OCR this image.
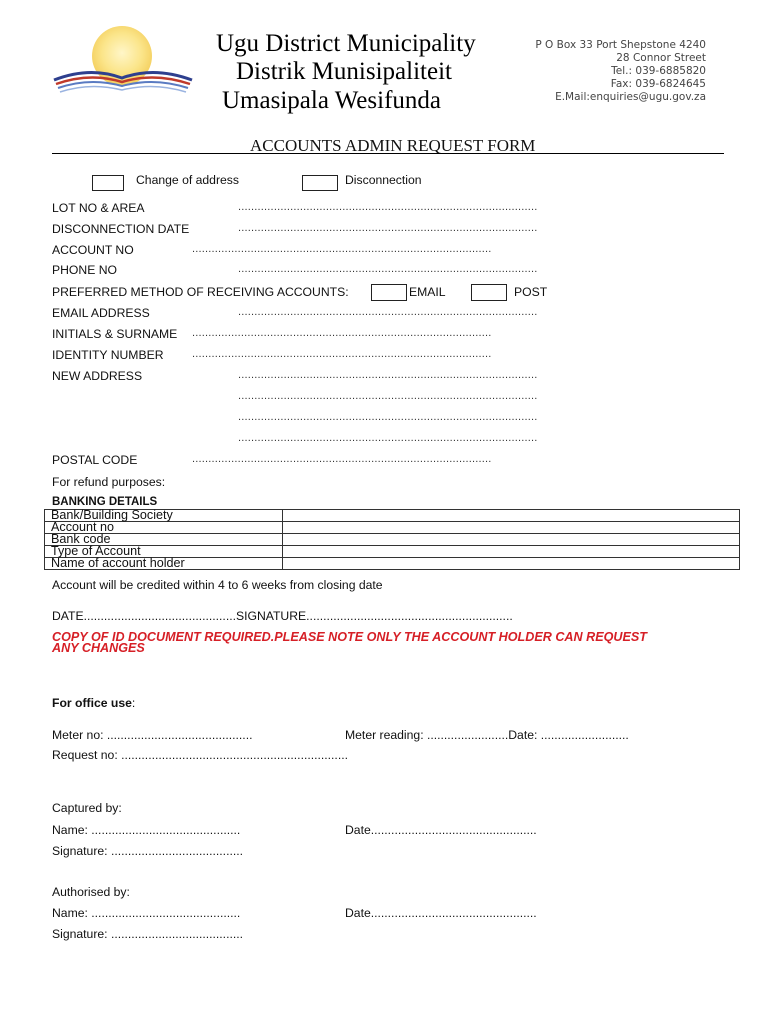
Ugu District Municipality
Distrik Munisipaliteit
Umasipala Wesifunda
P O Box 33 Port Shepstone 4240
28 Connor Street
Tel.: 039-6885820
Fax: 039-6824645
E.Mail:enquiries@ugu.gov.za
ACCOUNTS ADMIN REQUEST FORM
Change of address	Disconnection
LOT NO & AREA	............................................................................................
DISCONNECTION DATE	............................................................................................
ACCOUNT NO	............................................................................................
PHONE NO	............................................................................................
PREFERRED METHOD OF RECEIVING ACCOUNTS:	EMAIL	POST
EMAIL ADDRESS	............................................................................................
INITIALS & SURNAME ............................................................................................
IDENTITY NUMBER	............................................................................................
NEW ADDRESS	............................................................................................
............................................................................................
............................................................................................
............................................................................................
POSTAL CODE	............................................................................................
For refund purposes:
BANKING DETAILS
Bank/Building Society	
Account no	
Bank code	
Type of Account	
Name of account holder	
Account will be credited within 4 to 6 weeks from closing date
DATE.............................................SIGNATURE.............................................................
COPY OF ID DOCUMENT REQUIRED.PLEASE NOTE ONLY THE ACCOUNT HOLDER CAN REQUEST
ANY CHANGES
For office use:
Meter no: ...........................................	Meter reading: ........................Date: ..........................
Request no: ...................................................................
Captured by:
Name: ............................................	Date.................................................
Signature: .......................................
Authorised by:
Name: ............................................	Date.................................................
Signature: .......................................
